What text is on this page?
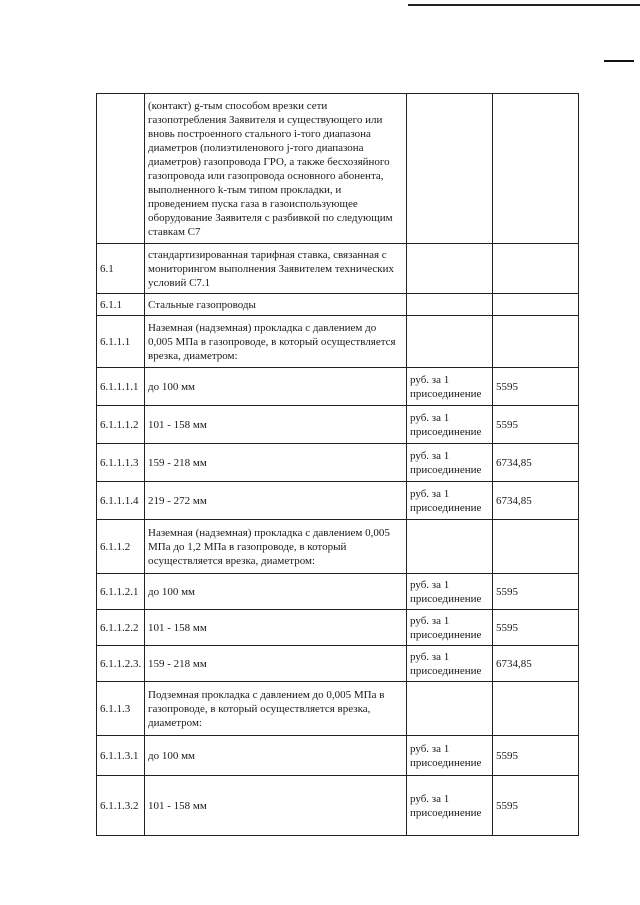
	(контакт) g-тым способом врезки сети газопотребления Заявителя и существующего или вновь построенного стального i-того диапазона диаметров (полиэтиленового j-того диапазона диаметров) газопровода ГРО, а также бесхозяйного газопровода или газопровода основного абонента, выполненного k-тым типом прокладки, и проведением пуска газа в газоиспользующее оборудование Заявителя с разбивкой по следующим ставкам С7		
6.1	стандартизированная тарифная ставка, связанная с мониторингом выполнения Заявителем технических условий С7.1		
6.1.1	Стальные газопроводы		
6.1.1.1	Наземная (надземная) прокладка с давлением до 0,005 МПа в газопроводе, в который осуществляется врезка, диаметром:		
6.1.1.1.1	до 100 мм	руб. за 1 присоединение	5595
6.1.1.1.2	101 - 158 мм	руб. за 1 присоединение	5595
6.1.1.1.3	159 - 218 мм	руб. за 1 присоединение	6734,85
6.1.1.1.4	219 - 272 мм	руб. за 1 присоединение	6734,85
6.1.1.2	Наземная (надземная) прокладка с давлением 0,005 МПа до 1,2 МПа в газопроводе, в который осуществляется врезка, диаметром:		
6.1.1.2.1	до 100 мм	руб. за 1 присоединение	5595
6.1.1.2.2	101 - 158 мм	руб. за 1 присоединение	5595
6.1.1.2.3.	159 - 218 мм	руб. за 1 присоединение	6734,85
6.1.1.3	Подземная прокладка с давлением до 0,005 МПа в газопроводе, в который осуществляется врезка, диаметром:		
6.1.1.3.1	до 100 мм	руб. за 1 присоединение	5595
6.1.1.3.2	101 - 158 мм	руб. за 1 присоединение	5595
